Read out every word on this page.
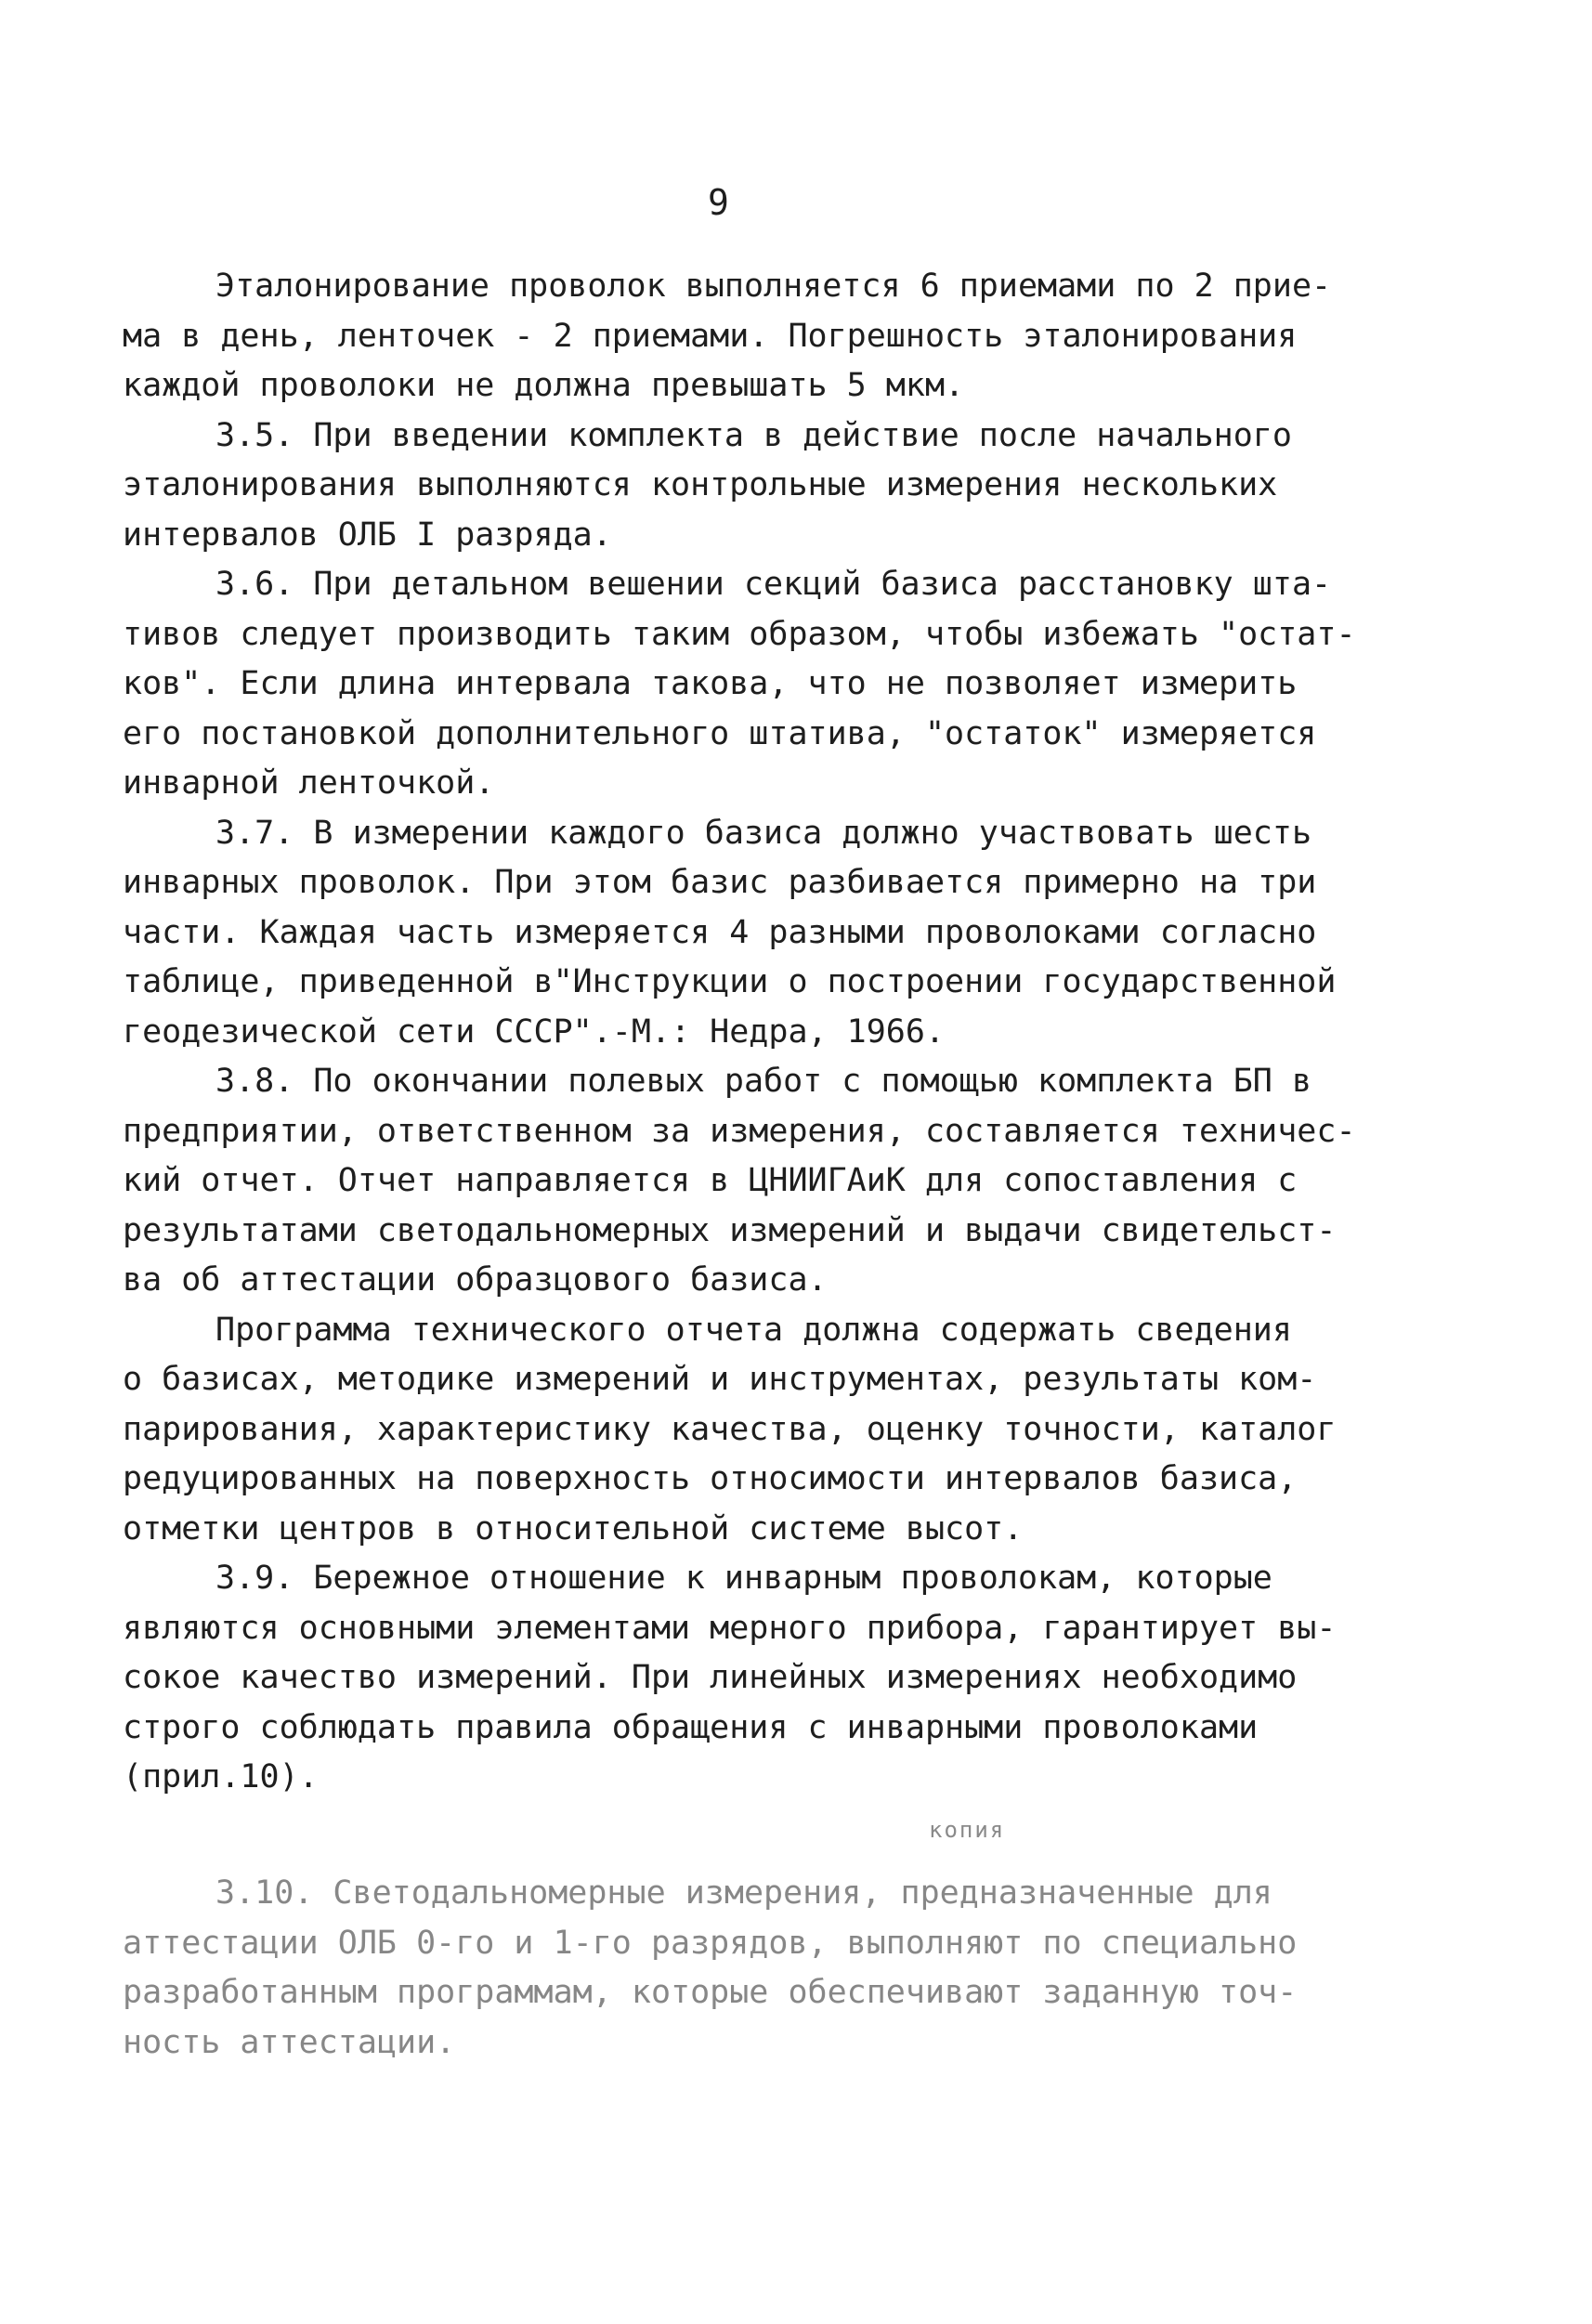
9
Эталонирование проволок выполняется 6 приемами по 2 прие-
ма в день, ленточек - 2 приемами. Погрешность эталонирования
каждой проволоки не должна превышать 5 мкм.
3.5. При введении комплекта в действие после начального
эталонирования выполняются контрольные измерения нескольких
интервалов ОЛБ I разряда.
3.6. При детальном вешении секций базиса расстановку шта-
тивов следует производить таким образом, чтобы избежать "остат-
ков". Если длина интервала такова, что не позволяет измерить
его постановкой дополнительного штатива, "остаток" измеряется
инварной ленточкой.
3.7. В измерении каждого базиса должно участвовать шесть
инварных проволок. При этом базис разбивается примерно на три
части. Каждая часть измеряется 4 разными проволоками согласно
таблице, приведенной в"Инструкции о построении государственной
геодезической сети СССР".-М.: Недра, 1966.
3.8. По окончании полевых работ с помощью комплекта БП в
предприятии, ответственном за измерения, составляется техничес-
кий отчет. Отчет направляется в ЦНИИГАиК для сопоставления с
результатами светодальномерных измерений и выдачи свидетельст-
ва об аттестации образцового базиса.
Программа технического отчета должна содержать сведения
о базисах, методике измерений и инструментах, результаты ком-
парирования, характеристику качества, оценку точности, каталог
редуцированных на поверхность относимости интервалов базиса,
отметки центров в относительной системе высот.
3.9. Бережное отношение к инварным проволокам, которые
являются основными элементами мерного прибора, гарантирует вы-
сокое качество измерений. При линейных измерениях необходимо
строго соблюдать правила обращения с инварными проволоками
(прил.10).
копия
3.10. Светодальномерные измерения, предназначенные для
аттестации ОЛБ 0-го и 1-го разрядов, выполняют по специально
разработанным программам, которые обеспечивают заданную точ-
ность аттестации.
